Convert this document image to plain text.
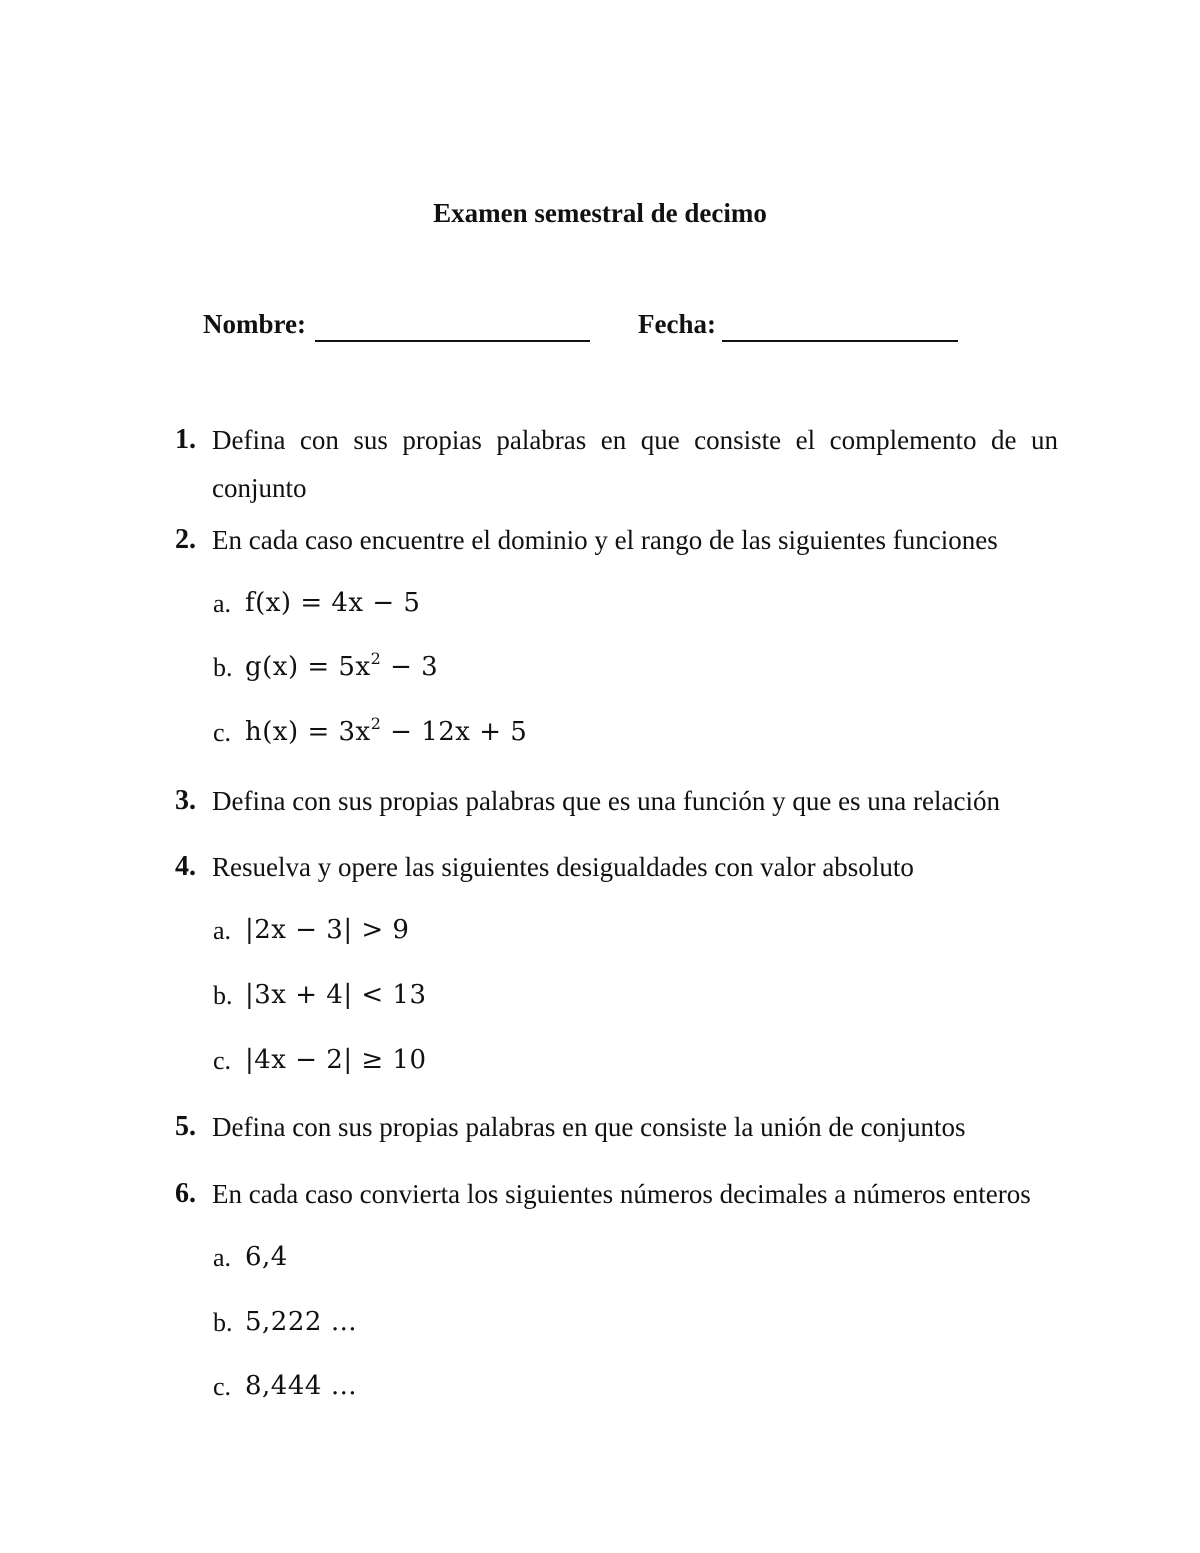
Examen semestral de decimo
Nombre:	Fecha:
1. Defina con sus propias palabras en que consiste el complemento de un
conjunto
2. En cada caso encuentre el dominio y el rango de las siguientes funciones
a. f(x) = 4x − 5
b. $g(x) = 5x^2 - 3$
c. $h(x) = 3x^2 - 12x + 5$
3. Defina con sus propias palabras que es una función y que es una relación
4. Resuelva y opere las siguientes desigualdades con valor absoluto
a. |2x − 3| > 9
b. |3x + 4| < 13
c. |4x − 2| ≥ 10
5. Defina con sus propias palabras en que consiste la unión de conjuntos
6. En cada caso convierta los siguientes números decimales a números enteros
a. 6,4
b. 5,222 …
c. 8,444 …
